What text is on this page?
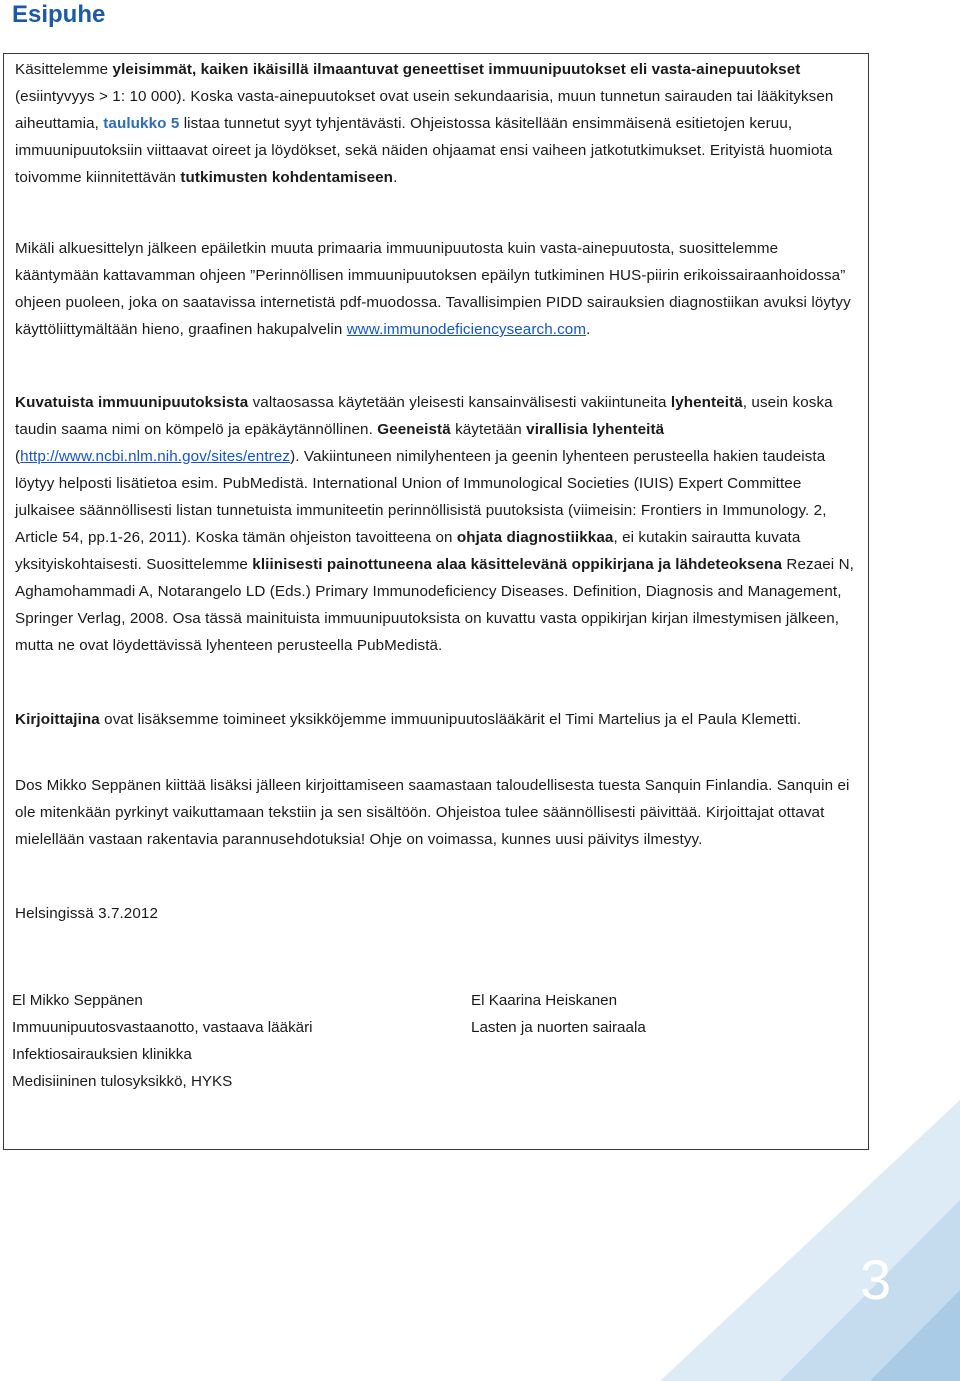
Esipuhe

Käsittelemme yleisimmät, kaiken ikäisillä ilmaantuvat geneettiset immuunipuutokset eli vasta-ainepuutokset (esiintyvyys > 1: 10 000). Koska vasta-ainepuutokset ovat usein sekundaarisia, muun tunnetun sairauden tai lääkityksen aiheuttamia, taulukko 5 listaa tunnetut syyt tyhjentävästi. Ohjeistossa käsitellään ensimmäisenä esitietojen keruu, immuunipuutoksiin viittaavat oireet ja löydökset, sekä näiden ohjaamat ensi vaiheen jatkotutkimukset. Erityistä huomiota toivomme kiinnitettävän tutkimusten kohdentamiseen.

Mikäli alkuesittelyn jälkeen epäiletkin muuta primaaria immuunipuutosta kuin vasta-ainepuutosta, suosittelemme kääntymään kattavamman ohjeen ”Perinnöllisen immuunipuutoksen epäilyn tutkiminen HUS-piirin erikoissairaanhoidossa” ohjeen puoleen, joka on saatavissa internetistä pdf-muodossa. Tavallisimpien PIDD sairauksien diagnostiikan avuksi löytyy käyttöliittymältään hieno, graafinen hakupalvelin www.immunodeficiencysearch.com.

Kuvatuista immuunipuutoksista valtaosassa käytetään yleisesti kansainvälisesti vakiintuneita lyhenteitä, usein koska taudin saama nimi on kömpelö ja epäkäytännöllinen. Geeneistä käytetään virallisia lyhenteitä (http://www.ncbi.nlm.nih.gov/sites/entrez). Vakiintuneen nimilyhenteen ja geenin lyhenteen perusteella hakien taudeista löytyy helposti lisätietoa esim. PubMedistä. International Union of Immunological Societies (IUIS) Expert Committee julkaisee säännöllisesti listan tunnetuista immuniteetin perinnöllisistä puutoksista (viimeisin: Frontiers in Immunology. 2, Article 54, pp.1-26, 2011). Koska tämän ohjeiston tavoitteena on ohjata diagnostiikkaa, ei kutakin sairautta kuvata yksityiskohtaisesti. Suosittelemme kliinisesti painottuneena alaa käsittelevänä oppikirjana ja lähdeteoksena Rezaei N, Aghamohammadi A, Notarangelo LD (Eds.) Primary Immunodeficiency Diseases. Definition, Diagnosis and Management, Springer Verlag, 2008. Osa tässä mainituista immuunipuutoksista on kuvattu vasta oppikirjan kirjan ilmestymisen jälkeen, mutta ne ovat löydettävissä lyhenteen perusteella PubMedistä.

Kirjoittajina ovat lisäksemme toimineet yksikköjemme immuunipuutoslääkärit el Timi Martelius ja el Paula Klemetti.

Dos Mikko Seppänen kiittää lisäksi jälleen kirjoittamiseen saamastaan taloudellisesta tuesta Sanquin Finlandia. Sanquin ei ole mitenkään pyrkinyt vaikuttamaan tekstiin ja sen sisältöön. Ohjeistoa tulee säännöllisesti päivittää. Kirjoittajat ottavat mielellään vastaan rakentavia parannusehdotuksia! Ohje on voimassa, kunnes uusi päivitys ilmestyy.

Helsingissä 3.7.2012
El Mikko Seppänen
Immuunipuutosvastaanotto, vastaava lääkäri
Infektiosairauksien klinikka
Medisiininen tulosyksikkö, HYKS
El Kaarina Heiskanen
Lasten ja nuorten sairaala
3
